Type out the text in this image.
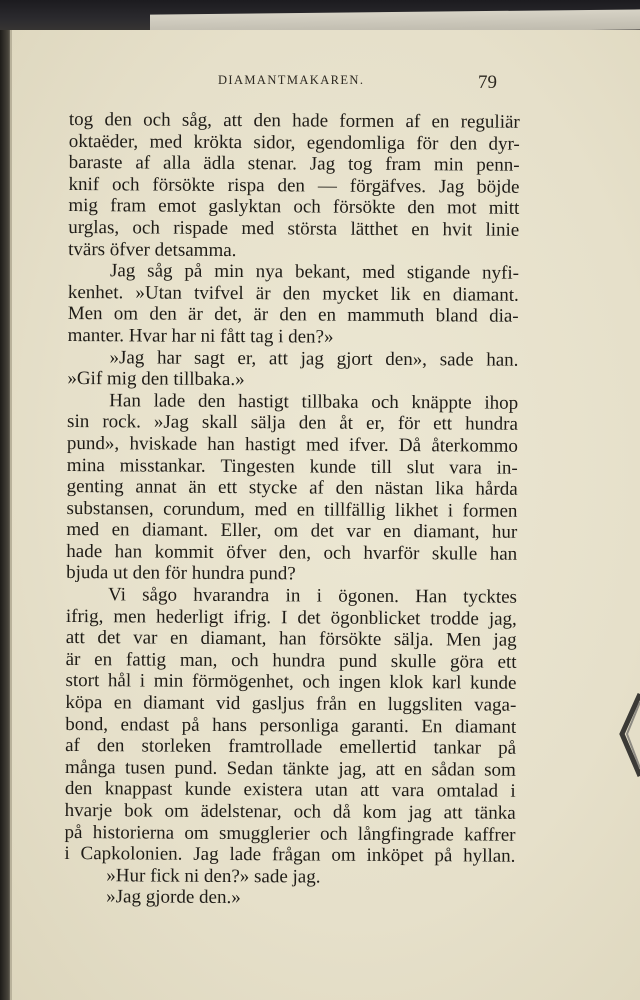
DIAMANTMAKAREN.	79
tog den och såg, att den hade formen af en reguliär
oktaëder, med krökta sidor, egendomliga för den dyr-
baraste af alla ädla stenar. Jag tog fram min penn-
knif och försökte rispa den — förgäfves. Jag böjde
mig fram emot gaslyktan och försökte den mot mitt
urglas, och rispade med största lätthet en hvit linie
tvärs öfver detsamma.
Jag såg på min nya bekant, med stigande nyfi-
kenhet. »Utan tvifvel är den mycket lik en diamant.
Men om den är det, är den en mammuth bland dia-
manter. Hvar har ni fått tag i den?»
»Jag har sagt er, att jag gjort den», sade han.
»Gif mig den tillbaka.»
Han lade den hastigt tillbaka och knäppte ihop
sin rock. »Jag skall sälja den åt er, för ett hundra
pund», hviskade han hastigt med ifver. Då återkommo
mina misstankar. Tingesten kunde till slut vara in-
genting annat än ett stycke af den nästan lika hårda
substansen, corundum, med en tillfällig likhet i formen
med en diamant. Eller, om det var en diamant, hur
hade han kommit öfver den, och hvarför skulle han
bjuda ut den för hundra pund?
Vi sågo hvarandra in i ögonen. Han tycktes
ifrig, men hederligt ifrig. I det ögonblicket trodde jag,
att det var en diamant, han försökte sälja. Men jag
är en fattig man, och hundra pund skulle göra ett
stort hål i min förmögenhet, och ingen klok karl kunde
köpa en diamant vid gasljus från en luggsliten vaga-
bond, endast på hans personliga garanti. En diamant
af den storleken framtrollade emellertid tankar på
många tusen pund. Sedan tänkte jag, att en sådan som
den knappast kunde existera utan att vara omtalad i
hvarje bok om ädelstenar, och då kom jag att tänka
på historierna om smugglerier och långfingrade kaffrer
i Capkolonien. Jag lade frågan om inköpet på hyllan.
»Hur fick ni den?» sade jag.
»Jag gjorde den.»
